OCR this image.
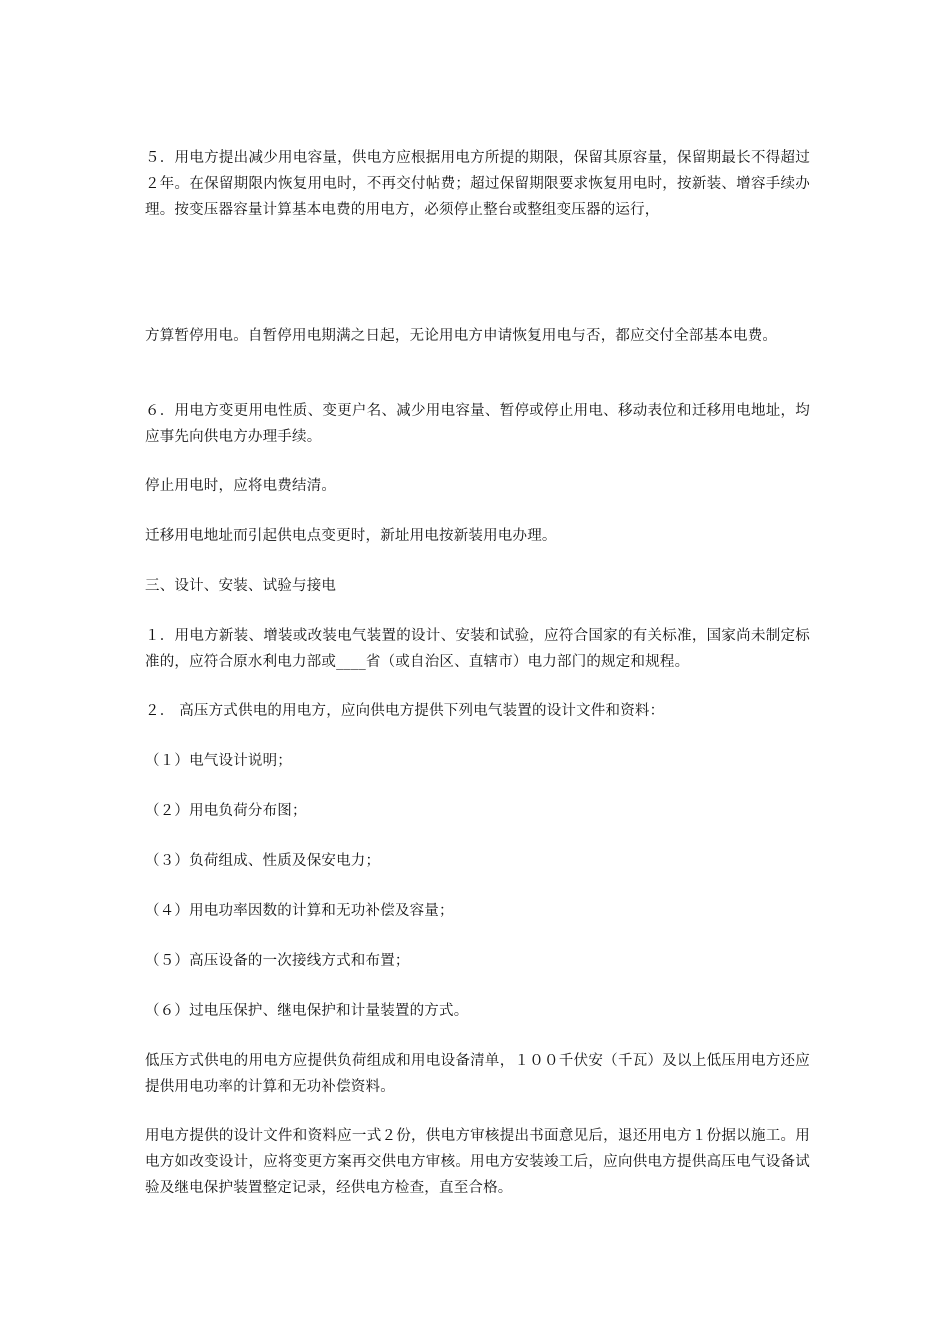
５．用电方提出减少用电容量，供电方应根据用电方所提的期限，保留其原容量，保留期最长不得超过２年。在保留期限内恢复用电时，不再交付帖费；超过保留期限要求恢复用电时，按新装、增容手续办理。按变压器容量计算基本电费的用电方，必须停止整台或整组变压器的运行，

方算暂停用电。自暂停用电期满之日起，无论用电方申请恢复用电与否，都应交付全部基本电费。

６．用电方变更用电性质、变更户名、减少用电容量、暂停或停止用电、移动表位和迁移用电地址，均应事先向供电方办理手续。

停止用电时，应将电费结清。

迁移用电地址而引起供电点变更时，新址用电按新装用电办理。

三、设计、安装、试验与接电

１．用电方新装、增装或改装电气装置的设计、安装和试验，应符合国家的有关标准，国家尚未制定标准的，应符合原水利电力部或____省（或自治区、直辖市）电力部门的规定和规程。

２． 高压方式供电的用电方，应向供电方提供下列电气装置的设计文件和资料：

（１）电气设计说明；

（２）用电负荷分布图；

（３）负荷组成、性质及保安电力；

（４）用电功率因数的计算和无功补偿及容量；

（５）高压设备的一次接线方式和布置；

（６）过电压保护、继电保护和计量装置的方式。

低压方式供电的用电方应提供负荷组成和用电设备清单，１００千伏安（千瓦）及以上低压用电方还应提供用电功率的计算和无功补偿资料。

用电方提供的设计文件和资料应一式２份，供电方审核提出书面意见后，退还用电方１份据以施工。用电方如改变设计，应将变更方案再交供电方审核。用电方安装竣工后，应向供电方提供高压电气设备试验及继电保护装置整定记录，经供电方检查，直至合格。
